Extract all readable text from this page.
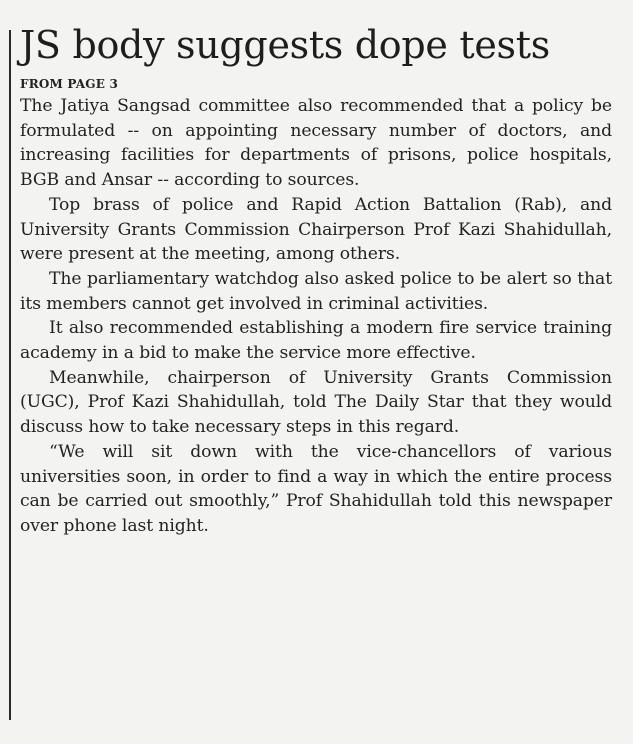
JS body suggests dope tests
FROM PAGE 3

The Jatiya Sangsad committee also recommended that a policy be formulated -- on appointing necessary number of doctors, and increasing facilities for departments of prisons, police hospitals, BGB and Ansar -- according to sources.

Top brass of police and Rapid Action Battalion (Rab), and University Grants Commission Chairperson Prof Kazi Shahidullah, were present at the meeting, among others.

The parliamentary watchdog also asked police to be alert so that its members cannot get involved in criminal activities.

It also recommended establishing a modern fire service training academy in a bid to make the service more effective.

Meanwhile, chairperson of University Grants Commission (UGC), Prof Kazi Shahidullah, told The Daily Star that they would discuss how to take necessary steps in this regard.

“We will sit down with the vice-chancellors of various universities soon, in order to find a way in which the entire process can be carried out smoothly,” Prof Shahidullah told this newspaper over phone last night.
